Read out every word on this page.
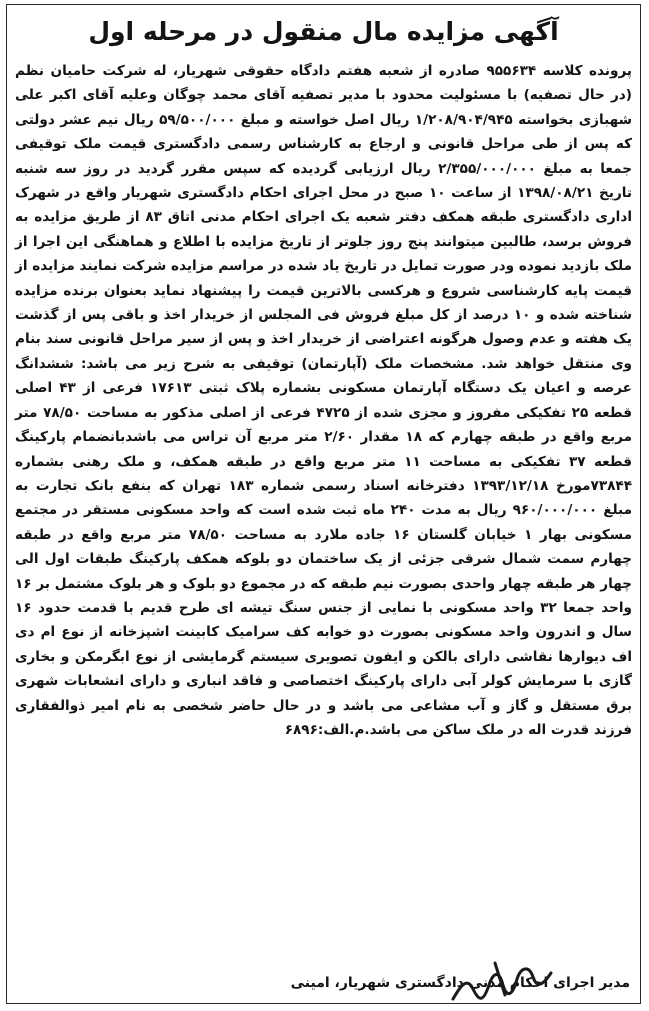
آگهی مزایده مال منقول در مرحله اول
پرونده کلاسه ۹۵۵۶۳۴ صادره از شعبه هفتم دادگاه حقوقی شهریار، له شرکت حامیان نظم (در حال تصفیه) با مسئولیت محدود با مدیر تصفیه آقای محمد چوگان وعلیه آقای اکبر علی شهبازی بخواسته ۱/۲۰۸/۹۰۴/۹۴۵ ریال اصل خواسته و مبلغ ۵۹/۵۰۰/۰۰۰ ریال نیم عشر دولتی که پس از طی مراحل قانونی و ارجاع به کارشناس رسمی دادگستری قیمت ملک توقیفی جمعا به مبلغ ۲/۳۵۵/۰۰۰/۰۰۰ ریال ارزیابی گردیده که سپس مقرر گردید در روز سه شنبه تاریخ ۱۳۹۸/۰۸/۲۱ از ساعت ۱۰ صبح در محل اجرای احکام دادگستری شهریار واقع در شهرک اداری دادگستری طبقه همکف دفتر شعبه یک اجرای احکام مدنی اتاق ۸۳ از طریق مزایده به فروش برسد، طالبین میتوانند پنج روز جلوتر از تاریخ مزایده با اطلاع و هماهنگی این اجرا از ملک بازدید نموده ودر صورت تمایل در تاریخ یاد شده در مراسم مزایده شرکت نمایند مزایده از قیمت پایه کارشناسی شروع و هرکسی بالاترین قیمت را پیشنهاد نماید بعنوان برنده مزایده شناخته شده و ۱۰ درصد از کل مبلغ فروش فی المجلس از خریدار اخذ و باقی پس از گذشت یک هفته و عدم وصول هرگونه اعتراضی از خریدار اخذ و پس از سیر مراحل قانونی سند بنام وی منتقل خواهد شد. مشخصات ملک (آپارتمان) توقیفی به شرح زیر می باشد: ششدانگ عرصه و اعیان یک دستگاه آپارتمان مسکونی بشماره پلاک ثبتی ۱۷۶۱۳ فرعی از ۴۳ اصلی قطعه ۲۵ تفکیکی مفروز و مجزی شده از ۴۷۲۵ فرعی از اصلی مذکور به مساحت ۷۸/۵۰ متر مربع واقع در طبقه چهارم که ۱۸ مقدار ۲/۶۰ متر مربع آن تراس می باشدبانضمام پارکینگ قطعه ۳۷ تفکیکی به مساحت ۱۱ متر مربع واقع در طبقه همکف، و ملک رهنی بشماره ۷۳۸۴۴مورخ ۱۳۹۳/۱۲/۱۸ دفترخانه اسناد رسمی شماره ۱۸۳ تهران که بنفع بانک تجارت به مبلغ ۹۶۰/۰۰۰/۰۰۰ ریال به مدت ۲۴۰ ماه ثبت شده است که واحد مسکونی مستقر در مجتمع مسکونی بهار ۱ خیابان گلستان ۱۶ جاده ملارد به مساحت ۷۸/۵۰ متر مربع واقع در طبقه چهارم سمت شمال شرقی جزئی از یک ساختمان دو بلوکه همکف پارکینگ طبقات اول الی چهار هر طبقه چهار واحدی بصورت نیم طبقه که در مجموع دو بلوک و هر بلوک مشتمل بر ۱۶ واحد جمعا ۳۲ واحد مسکونی با نمایی از جنس سنگ تیشه ای طرح قدیم با قدمت حدود ۱۶ سال و اندرون واحد مسکونی بصورت دو خوابه کف سرامیک کابینت اشپزخانه از نوع ام دی اف دیوارها نقاشی دارای بالکن و ایفون تصویری سیستم گرمایشی از نوع ابگرمکن و بخاری گازی با سرمایش کولر آبی دارای پارکینگ اختصاصی و فاقد انباری و دارای انشعابات شهری برق مستقل و گاز و آب مشاعی می باشد و در حال حاضر شخصی به نام امیر ذوالفقاری فرزند قدرت اله در ملک ساکن می باشد.م.الف:۶۸۹۶
مدیر اجرای احکام مدنی دادگستری شهریار، امینی
